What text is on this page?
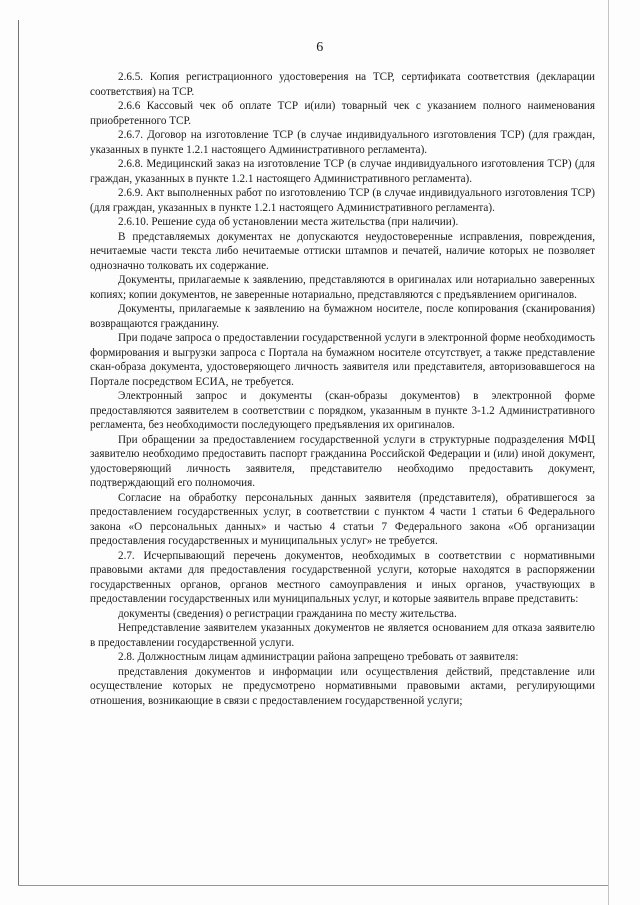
6

2.6.5. Копия регистрационного удостоверения на ТСР, сертификата соответствия (декларации соответствия) на ТСР.

2.6.6 Кассовый чек об оплате ТСР и(или) товарный чек с указанием полного наименования приобретенного ТСР.

2.6.7. Договор на изготовление ТСР (в случае индивидуального изготовления ТСР) (для граждан, указанных в пункте 1.2.1 настоящего Административного регламента).

2.6.8. Медицинский заказ на изготовление ТСР (в случае индивидуального изготовления ТСР) (для граждан, указанных в пункте 1.2.1 настоящего Административного регламента).

2.6.9. Акт выполненных работ по изготовлению ТСР (в случае индивидуального изготовления ТСР) (для граждан, указанных в пункте 1.2.1 настоящего Административного регламента).

2.6.10. Решение суда об установлении места жительства (при наличии).

В представляемых документах не допускаются неудостоверенные исправления, повреждения, нечитаемые части текста либо нечитаемые оттиски штампов и печатей, наличие которых не позволяет однозначно толковать их содержание.

Документы, прилагаемые к заявлению, представляются в оригиналах или нотариально заверенных копиях; копии документов, не заверенные нотариально, представляются с предъявлением оригиналов.

Документы, прилагаемые к заявлению на бумажном носителе, после копирования (сканирования) возвращаются гражданину.

При подаче запроса о предоставлении государственной услуги в электронной форме необходимость формирования и выгрузки запроса с Портала на бумажном носителе отсутствует, а также представление скан-образа документа, удостоверяющего личность заявителя или представителя, авторизовавшегося на Портале посредством ЕСИА, не требуется.

Электронный запрос и документы (скан-образы документов) в электронной форме предоставляются заявителем в соответствии с порядком, указанным в пункте 3-1.2 Административного регламента, без необходимости последующего предъявления их оригиналов.

При обращении за предоставлением государственной услуги в структурные подразделения МФЦ заявителю необходимо предоставить паспорт гражданина Российской Федерации и (или) иной документ, удостоверяющий личность заявителя, представителю необходимо предоставить документ, подтверждающий его полномочия.

Согласие на обработку персональных данных заявителя (представителя), обратившегося за предоставлением государственных услуг, в соответствии с пунктом 4 части 1 статьи 6 Федерального закона «О персональных данных» и частью 4 статьи 7 Федерального закона «Об организации предоставления государственных и муниципальных услуг» не требуется.

2.7. Исчерпывающий перечень документов, необходимых в соответствии с нормативными правовыми актами для предоставления государственной услуги, которые находятся в распоряжении государственных органов, органов местного самоуправления и иных органов, участвующих в предоставлении государственных или муниципальных услуг, и которые заявитель вправе представить:

документы (сведения) о регистрации гражданина по месту жительства.

Непредставление заявителем указанных документов не является основанием для отказа заявителю в предоставлении государственной услуги.

2.8. Должностным лицам администрации района запрещено требовать от заявителя:

представления документов и информации или осуществления действий, представление или осуществление которых не предусмотрено нормативными правовыми актами, регулирующими отношения, возникающие в связи с предоставлением государственной услуги;
